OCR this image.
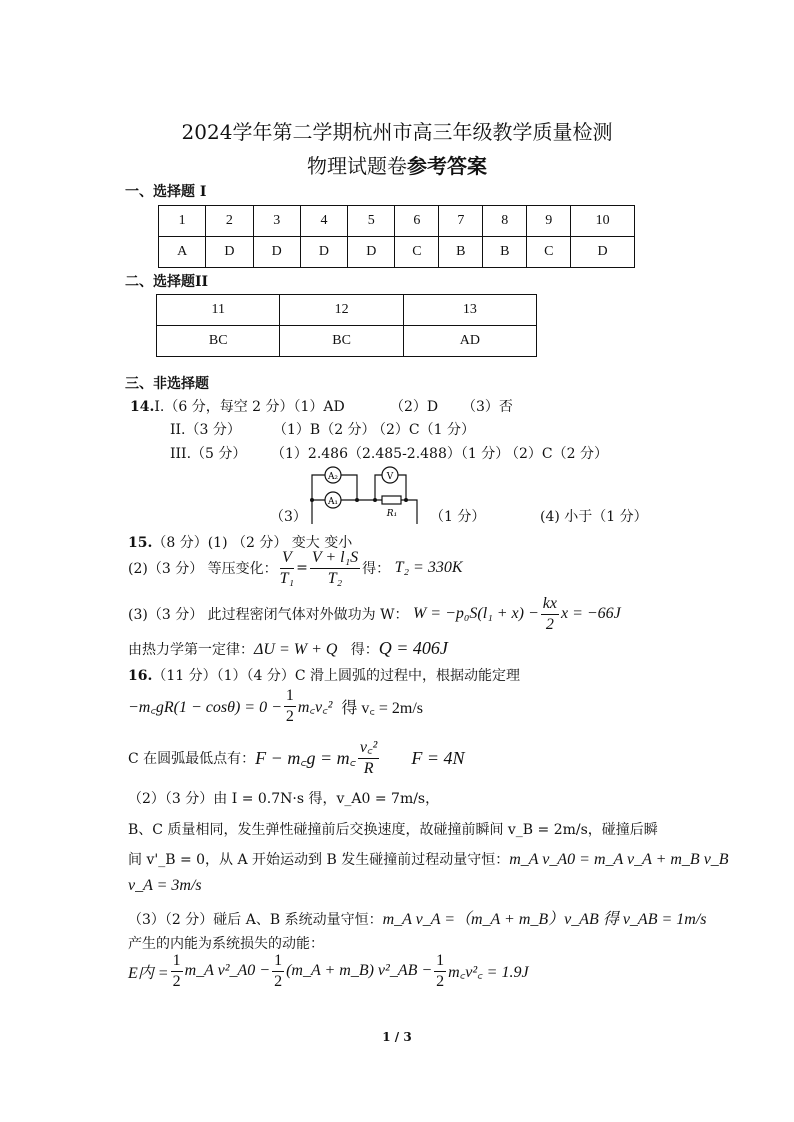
2024学年第二学期杭州市高三年级教学质量检测
物理试题卷参考答案
一、选择题 I
1	2	3	4	5	6	7	8	9	10
A	D	D	D	D	C	B	B	C	D
二、选择题II
11	12	13
BC	BC	AD
三、非选择题
14.I.（6 分，每空 2 分）（1）AD	（2）D （3）否
II.（3 分） （1）B（2 分）
（2）C（1 分）
III.（5 分） （1）2.486（2.485-2.488）（1 分）
（2）C（2 分）
（3）
A₂
A₁
V
R₁ （1 分）	(4) 小于（1 分）
15.（8 分）(1) （2 分） 变大 变小
(2)（3 分） 等压变化： $\frac{V}{\text{T₁}} = \frac{\text{V + l₁S}}{\text{T₂}}$ 得：
T₂ = 330K
(3)（3 分） 此过程密闭气体对外做功为 W：
$W = -p_0S(l_1 + x) - \frac{kx}{2}$ x = −66J
由热力学第一定律：ΔU = W + Q 得：Q = 406J
16.（11 分）（1）（4 分）C 滑上圆弧的过程中，根据动能定理
−m꜀gR(1 − $\cos\theta) = 0 - \frac{1}{2}$ m꜀v꜀²
得 v꜀ = 2m/s
C 在圆弧最低点有： F − m꜀g = m꜀ $\frac{\text{v꜀²}}{R}$ F = 4N
（2）（3 分）由 I = 0.7N·s 得，v_A0 = 7m/s，
B、C 质量相同，发生弹性碰撞前后交换速度，故碰撞前瞬间 v_B = 2m/s，碰撞后瞬
间 v'_B = 0，从 A 开始运动到 B 发生碰撞前过程动量守恒：m_A v_A0 = m_A v_A + m_B v_B
v_A = 3m/s
（3）（2 分）碰后 A、B 系统动量守恒：m_A v_A =（m_A + m_B）v_AB 得 v_AB = 1m/s
产生的内能为系统损失的动能：
E内 = $\frac{1}{2}$ m_A v²_A0 − $\frac{1}{2}$ (m_A + m_B) v²_AB − $\frac{1}{2}$ m꜀v²꜀ = 1.9J
1 / 3
